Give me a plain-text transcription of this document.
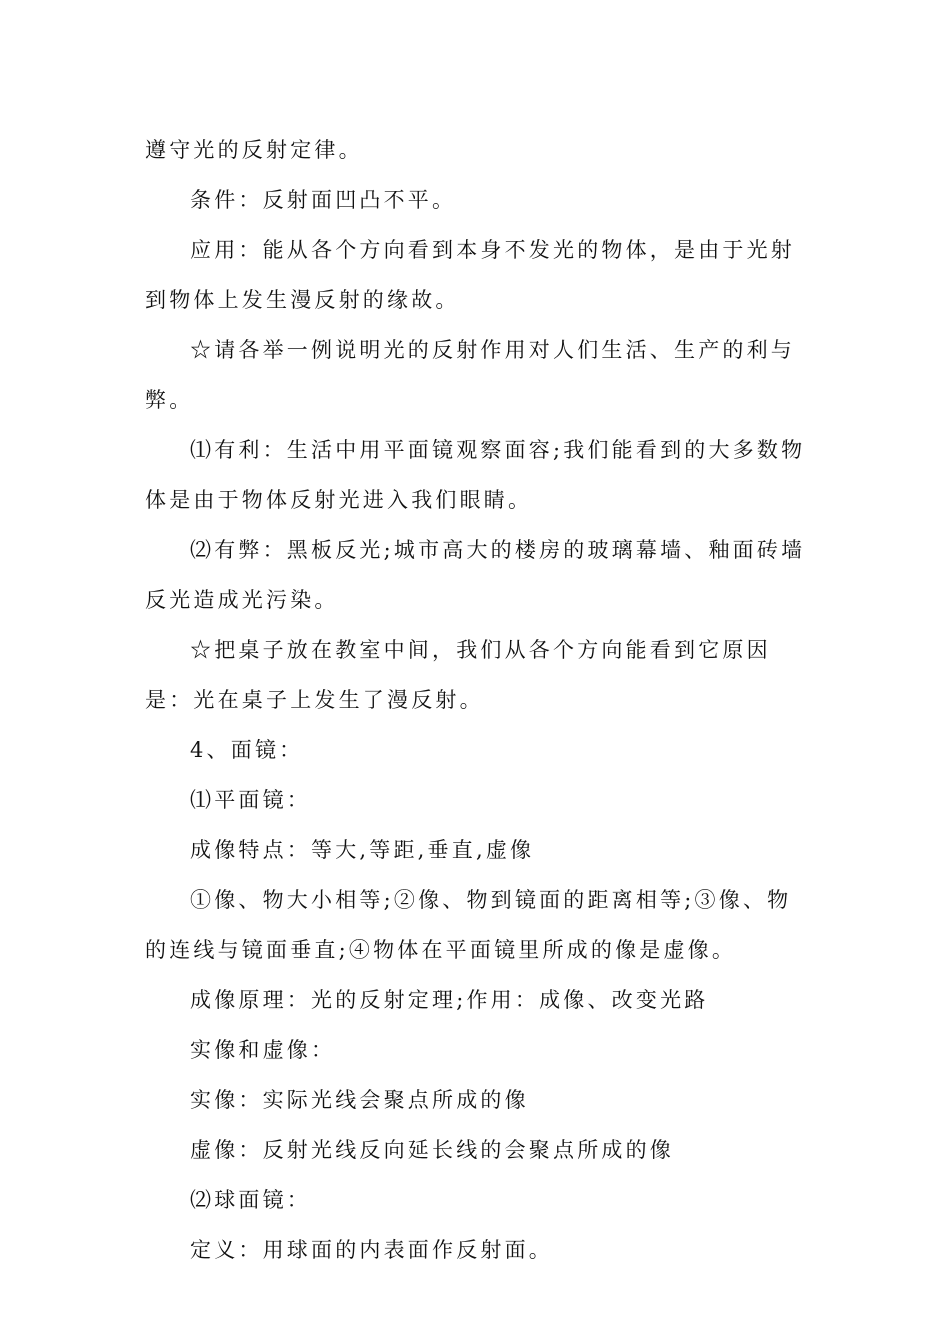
遵守光的反射定律。

条件：反射面凹凸不平。

应用：能从各个方向看到本身不发光的物体，是由于光射到物体上发生漫反射的缘故。

☆请各举一例说明光的反射作用对人们生活、生产的利与弊。

⑴有利：生活中用平面镜观察面容;我们能看到的大多数物体是由于物体反射光进入我们眼睛。

⑵有弊：黑板反光;城市高大的楼房的玻璃幕墙、釉面砖墙反光造成光污染。

☆把桌子放在教室中间，我们从各个方向能看到它原因是：光在桌子上发生了漫反射。

4、面镜：

⑴平面镜：

成像特点：等大,等距,垂直,虚像

①像、物大小相等;②像、物到镜面的距离相等;③像、物的连线与镜面垂直;④物体在平面镜里所成的像是虚像。

成像原理：光的反射定理;作用：成像、改变光路

实像和虚像：

实像：实际光线会聚点所成的像

虚像：反射光线反向延长线的会聚点所成的像

⑵球面镜：

定义：用球面的内表面作反射面。
